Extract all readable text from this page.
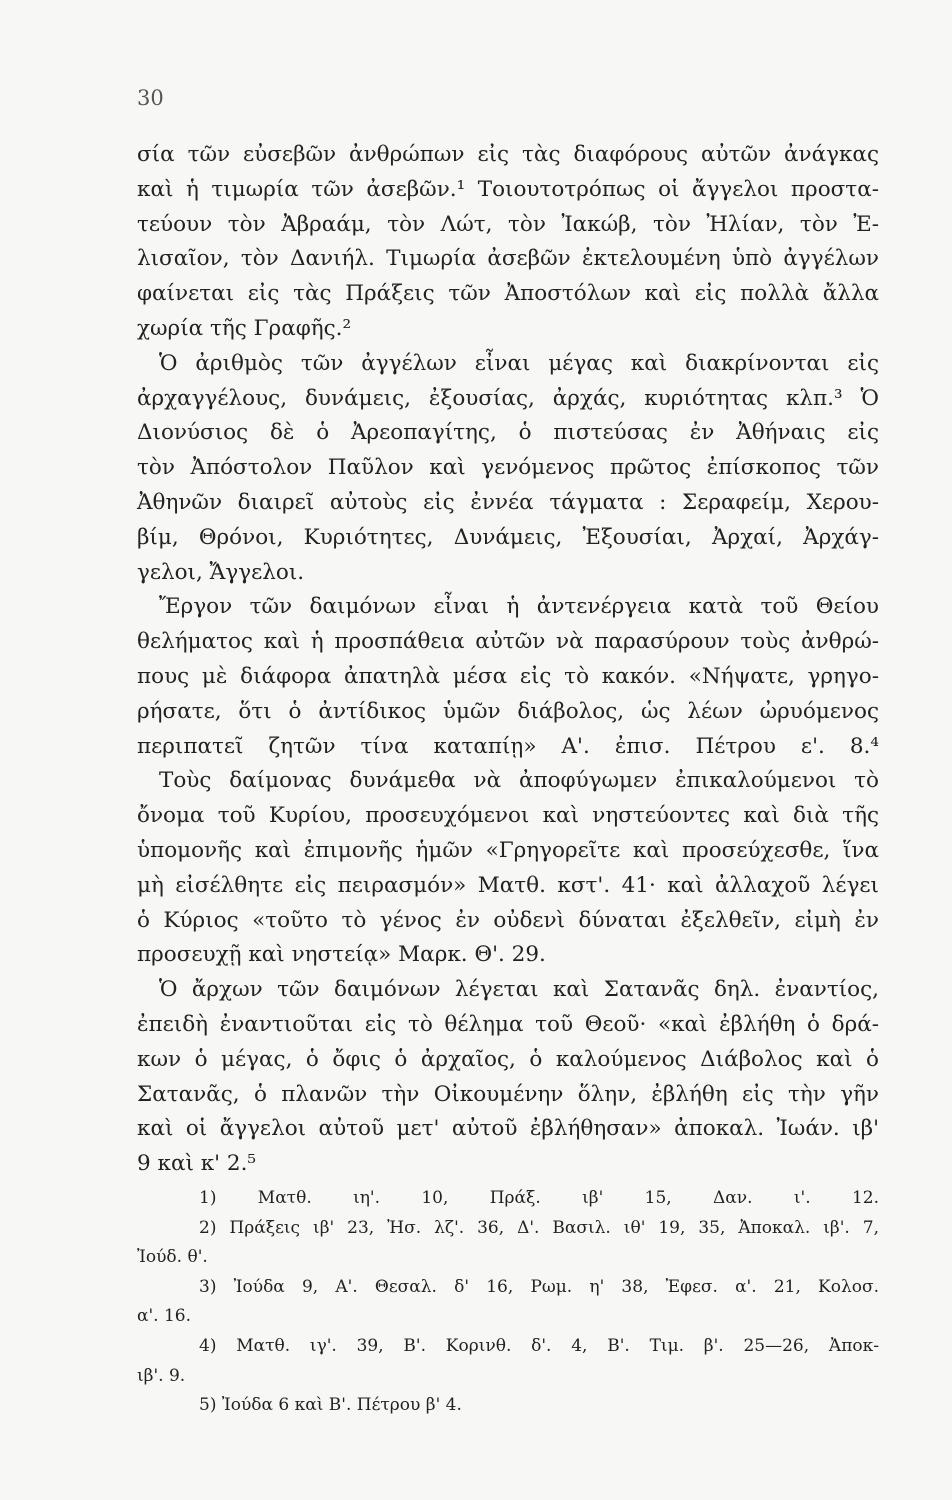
30
σία τῶν εὐσεβῶν ἀνθρώπων εἰς τὰς διαφόρους αὐτῶν ἀνάγκας
καὶ ἡ τιμωρία τῶν ἀσεβῶν.¹ Τοιουτοτρόπως οἱ ἄγγελοι προστα-
τεύουν τὸν Ἀβραάμ, τὸν Λώτ, τὸν Ἰακώβ, τὸν Ἠλίαν, τὸν Ἐ-
λισαῖον, τὸν Δανιήλ. Τιμωρία ἀσεβῶν ἐκτελουμένη ὑπὸ ἀγγέλων
φαίνεται εἰς τὰς Πράξεις τῶν Ἀποστόλων καὶ εἰς πολλὰ ἄλλα
χωρία τῆς Γραφῆς.²
Ὁ ἀριθμὸς τῶν ἀγγέλων εἶναι μέγας καὶ διακρίνονται εἰς
ἀρχαγγέλους, δυνάμεις, ἐξουσίας, ἀρχάς, κυριότητας κλπ.³ Ὁ
Διονύσιος δὲ ὁ Ἀρεοπαγίτης, ὁ πιστεύσας ἐν Ἀθήναις εἰς
τὸν Ἀπόστολον Παῦλον καὶ γενόμενος πρῶτος ἐπίσκοπος τῶν
Ἀθηνῶν διαιρεῖ αὐτοὺς εἰς ἐννέα τάγματα : Σεραφείμ, Χερου-
βίμ, Θρόνοι, Κυριότητες, Δυνάμεις, Ἐξουσίαι, Ἀρχαί, Ἀρχάγ-
γελοι, Ἄγγελοι.
Ἔργον τῶν δαιμόνων εἶναι ἡ ἀντενέργεια κατὰ τοῦ Θείου
θελήματος καὶ ἡ προσπάθεια αὐτῶν νὰ παρασύρουν τοὺς ἀνθρώ-
πους μὲ διάφορα ἀπατηλὰ μέσα εἰς τὸ κακόν. «Νήψατε, γρηγο-
ρήσατε, ὅτι ὁ ἀντίδικος ὑμῶν διάβολος, ὡς λέων ὠρυόμενος
περιπατεῖ ζητῶν τίνα καταπίῃ» Α'. ἐπισ. Πέτρου ε'. 8.⁴
Τοὺς δαίμονας δυνάμεθα νὰ ἀποφύγωμεν ἐπικαλούμενοι τὸ
ὄνομα τοῦ Κυρίου, προσευχόμενοι καὶ νηστεύοντες καὶ διὰ τῆς
ὑπομονῆς καὶ ἐπιμονῆς ἡμῶν «Γρηγορεῖτε καὶ προσεύχεσθε, ἵνα
μὴ εἰσέλθητε εἰς πειρασμόν» Ματθ. κστ'. 41· καὶ ἀλλαχοῦ λέγει
ὁ Κύριος «τοῦτο τὸ γένος ἐν οὐδενὶ δύναται ἐξελθεῖν, εἰμὴ ἐν
προσευχῇ καὶ νηστείᾳ» Μαρκ. Θ'. 29.
Ὁ ἄρχων τῶν δαιμόνων λέγεται καὶ Σατανᾶς δηλ. ἐναντίος,
ἐπειδὴ ἐναντιοῦται εἰς τὸ θέλημα τοῦ Θεοῦ· «καὶ ἐβλήθη ὁ δρά-
κων ὁ μέγας, ὁ ὄφις ὁ ἀρχαῖος, ὁ καλούμενος Διάβολος καὶ ὁ
Σατανᾶς, ὁ πλανῶν τὴν Οἰκουμένην ὅλην, ἐβλήθη εἰς τὴν γῆν
καὶ οἱ ἄγγελοι αὐτοῦ μετ' αὐτοῦ ἐβλήθησαν» ἀποκαλ. Ἰωάν. ιβ'
9 καὶ κ' 2.⁵
1) Ματθ. ιη'. 10, Πράξ. ιβ' 15, Δαν. ι'. 12.
2) Πράξεις ιβ' 23, Ἠσ. λζ'. 36, Δ'. Βασιλ. ιθ' 19, 35, Ἀποκαλ. ιβ'. 7,
Ἰούδ. θ'.
3) Ἰούδα 9, Α'. Θεσαλ. δ' 16, Ρωμ. η' 38, Ἐφεσ. α'. 21, Κολοσ.
α'. 16.
4) Ματθ. ιγ'. 39, Β'. Κορινθ. δ'. 4, Β'. Τιμ. β'. 25—26, Ἀποκ-
ιβ'. 9.
5) Ἰούδα 6 καὶ Β'. Πέτρου β' 4.
